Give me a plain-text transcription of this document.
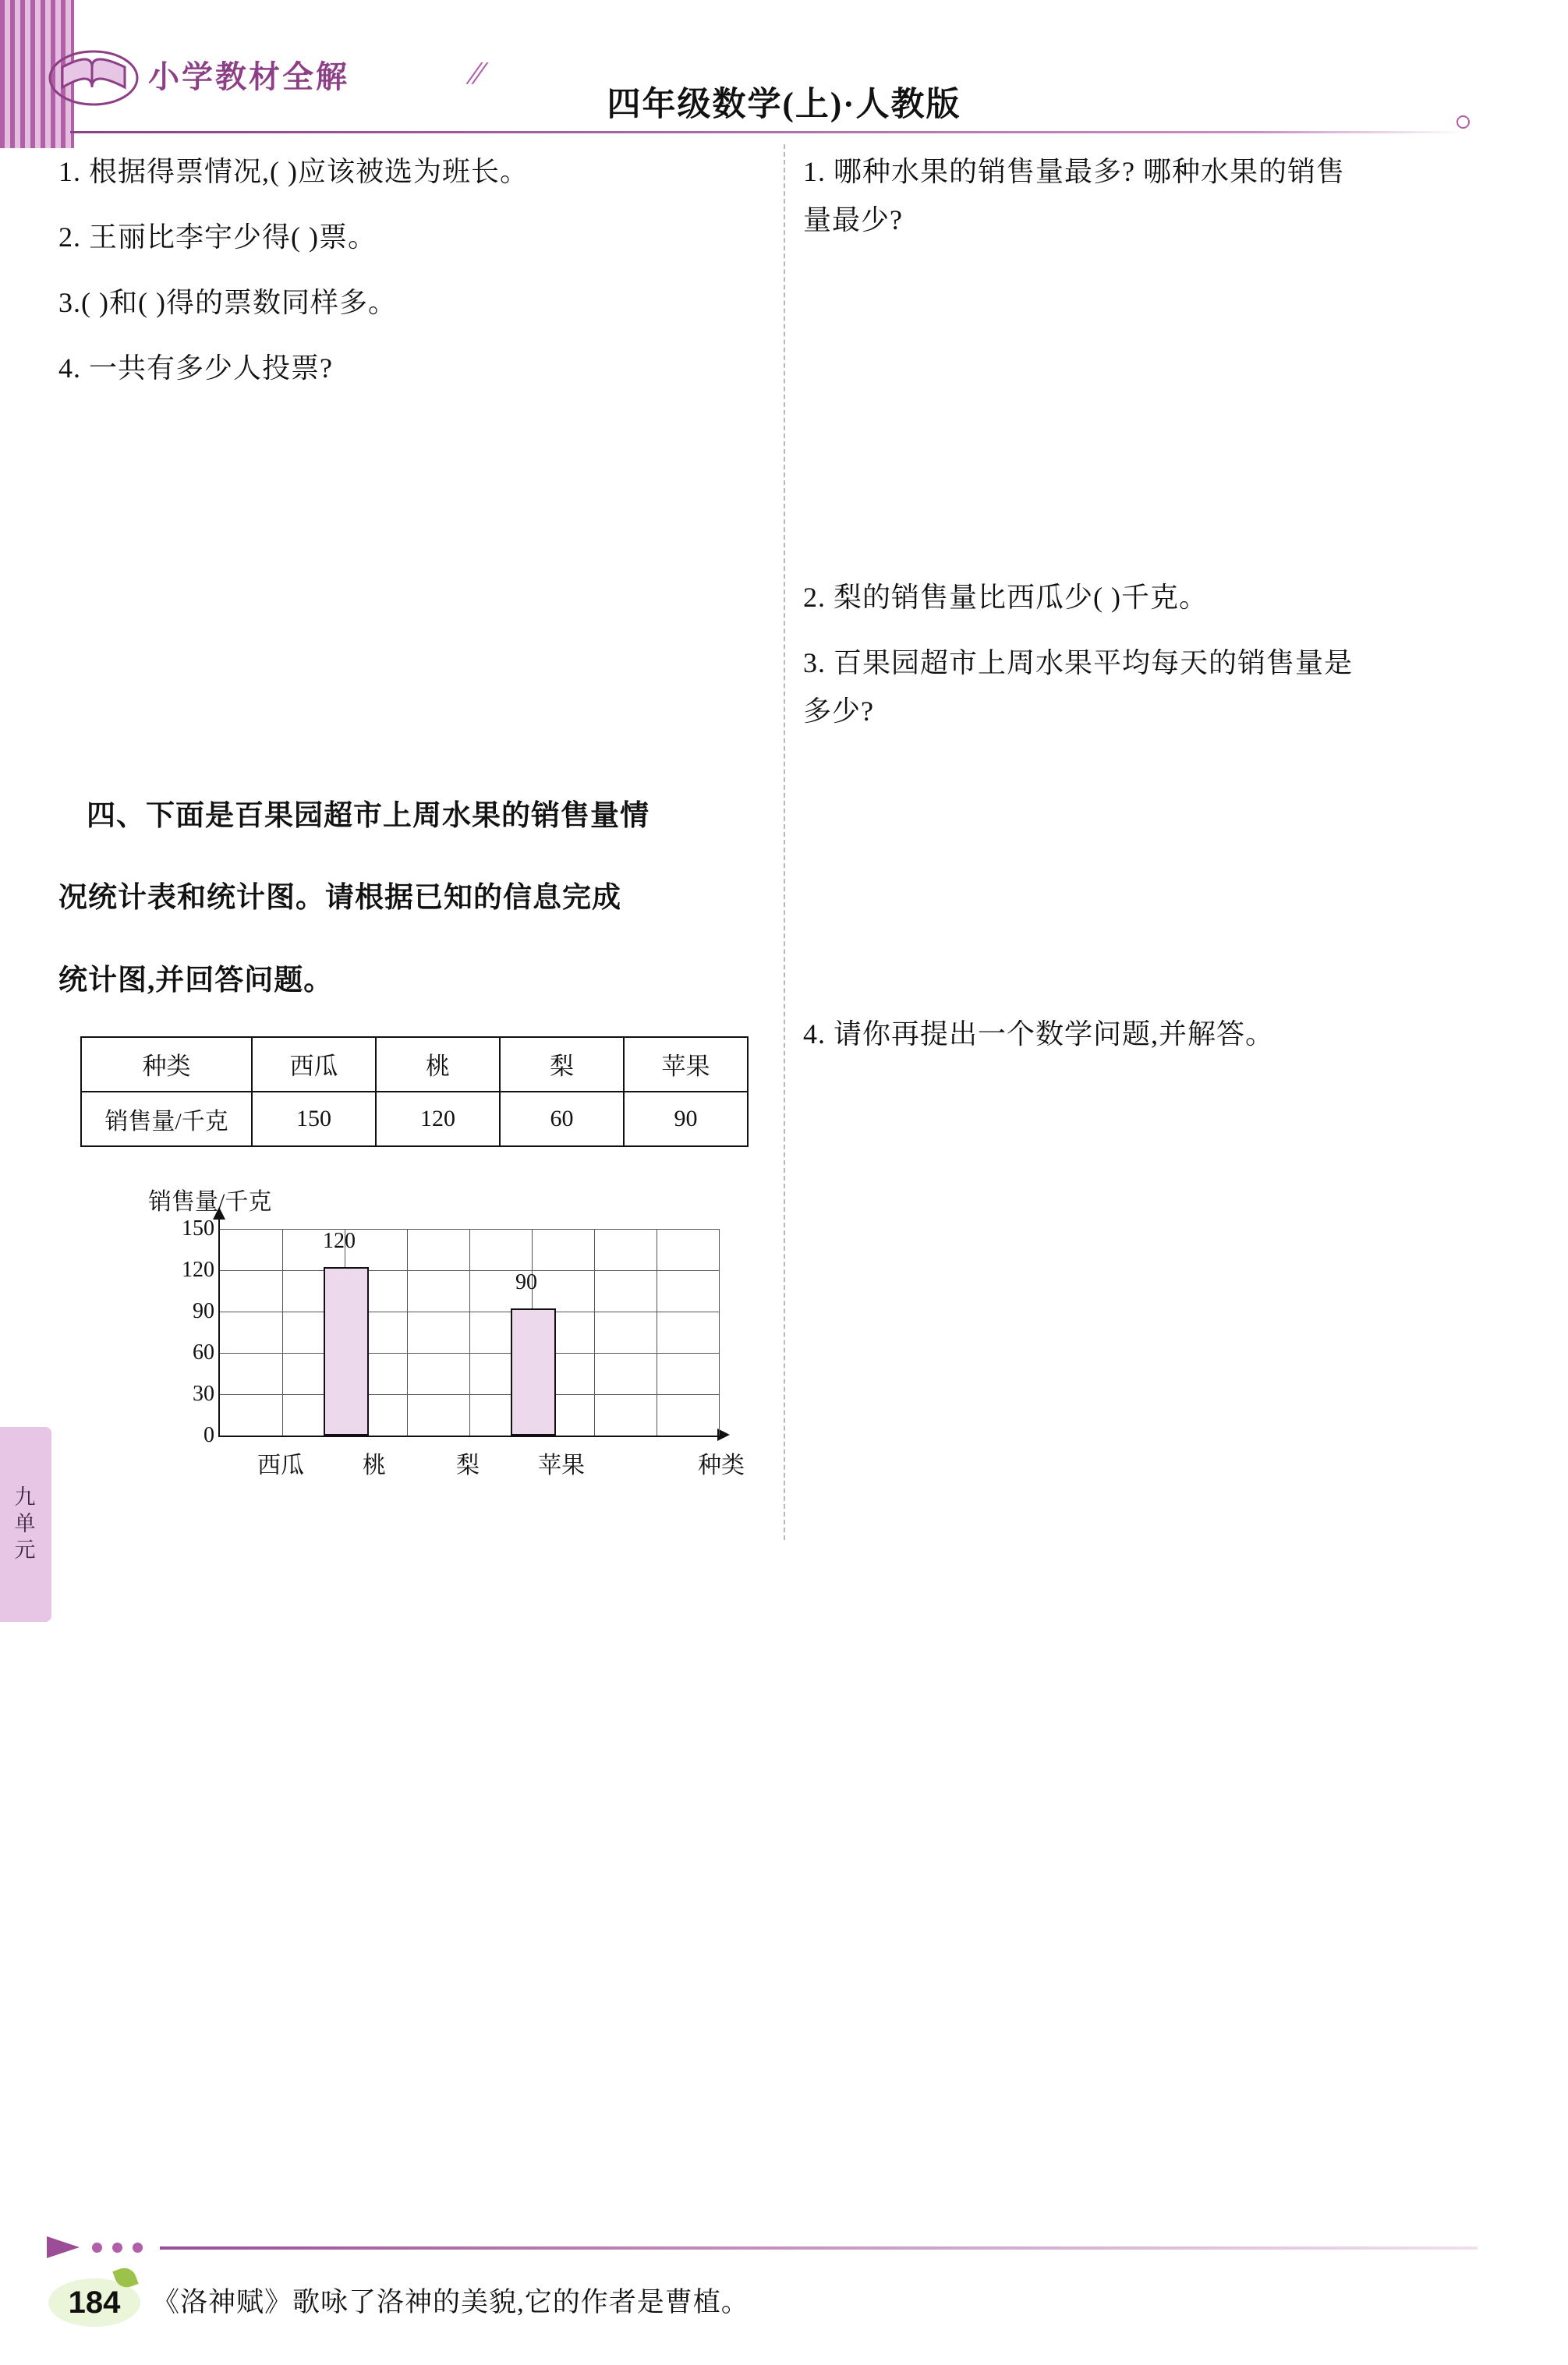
九
单
元
小学教材全解	⁄⁄
四年级数学(上)·人教版

1. 根据得票情况,( )应该被选为班长。

2. 王丽比李宇少得( )票。

3.( )和( )得的票数同样多。

4. 一共有多少人投票?

四、下面是百果园超市上周水果的销售量情

况统计表和统计图。请根据已知的信息完成

统计图,并回答问题。

种类	西瓜	桃	梨	苹果
销售量/千克	150	120	60	90
销售量/千克
150
120
90
60
30
0
120
90
西瓜	桃	梨	苹果	种类

1. 哪种水果的销售量最多? 哪种水果的销售

量最少?

2. 梨的销售量比西瓜少( )千克。

3. 百果园超市上周水果平均每天的销售量是

多少?

4. 请你再提出一个数学问题,并解答。

184	《洛神赋》歌咏了洛神的美貌,它的作者是曹植。
